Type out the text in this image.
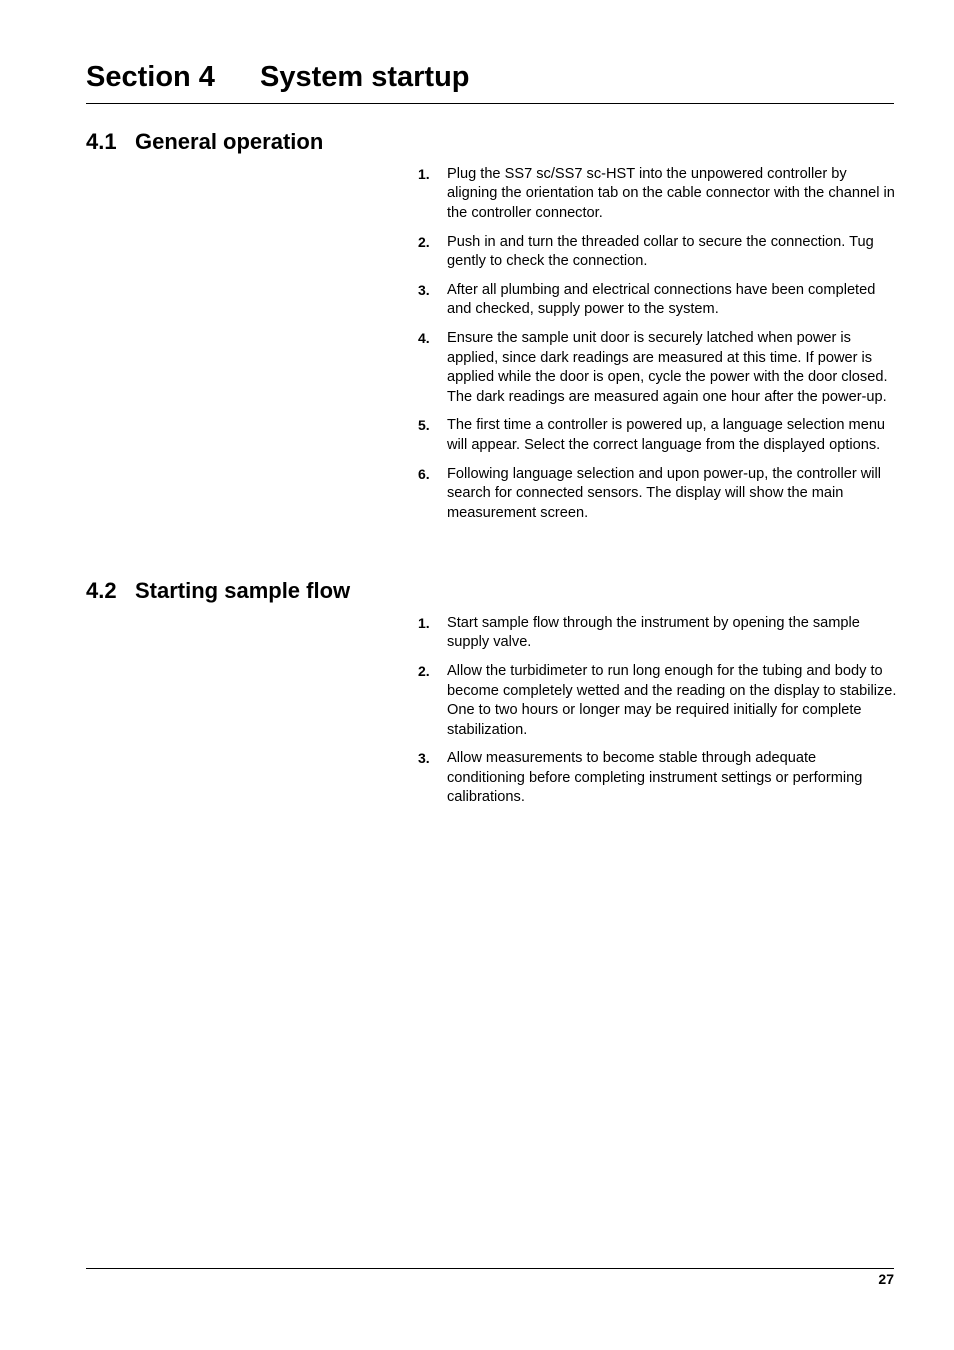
Section 4 System startup
4.1 General operation
1. Plug the SS7 sc/SS7 sc-HST into the unpowered controller by aligning the orientation tab on the cable connector with the channel in the controller connector.
2. Push in and turn the threaded collar to secure the connection. Tug gently to check the connection.
3. After all plumbing and electrical connections have been completed and checked, supply power to the system.
4. Ensure the sample unit door is securely latched when power is applied, since dark readings are measured at this time. If power is applied while the door is open, cycle the power with the door closed. The dark readings are measured again one hour after the power-up.
5. The first time a controller is powered up, a language selection menu will appear. Select the correct language from the displayed options.
6. Following language selection and upon power-up, the controller will search for connected sensors. The display will show the main measurement screen.
4.2 Starting sample flow
1. Start sample flow through the instrument by opening the sample supply valve.
2. Allow the turbidimeter to run long enough for the tubing and body to become completely wetted and the reading on the display to stabilize. One to two hours or longer may be required initially for complete stabilization.
3. Allow measurements to become stable through adequate conditioning before completing instrument settings or performing calibrations.
27
